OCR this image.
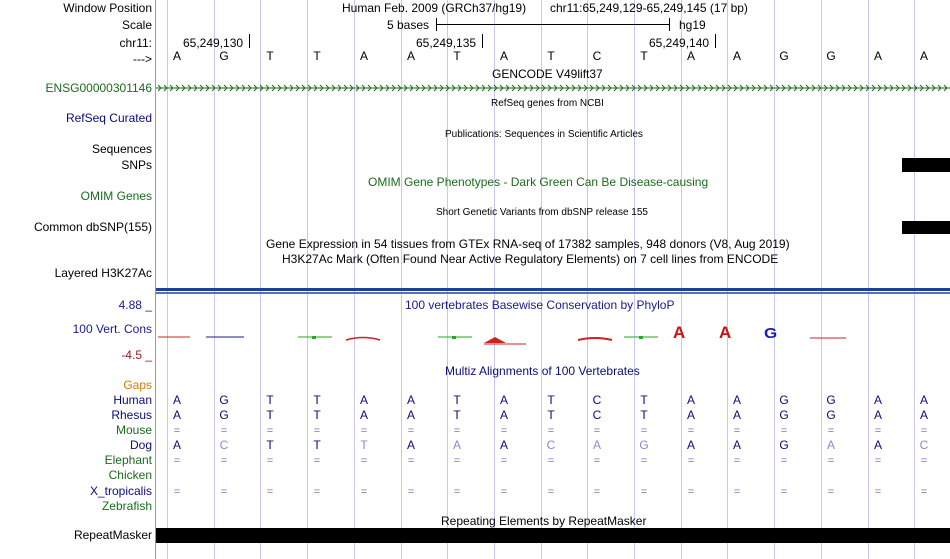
Window Position
Scale
chr11:
--->
Human Feb. 2009 (GRCh37/hg19) chr11:65,249,129-65,249,145 (17 bp)
5 bases	hg19
65,249,130	65,249,135	65,249,140
A	G	T	T	A	A	T	A	T	C	T	A	A	G	G	A	A
GENCODE V49lift37
ENSG00000301146
RefSeq genes from NCBI
RefSeq Curated
Publications: Sequences in Scientific Articles
Sequences
SNPs
OMIM Gene Phenotypes - Dark Green Can Be Disease-causing
OMIM Genes
Short Genetic Variants from dbSNP release 155
Common dbSNP(155)
Gene Expression in 54 tissues from GTEx RNA-seq of 17382 samples, 948 donors (V8, Aug 2019)
H3K27Ac Mark (Often Found Near Active Regulatory Elements) on 7 cell lines from ENCODE
Layered H3K27Ac
100 vertebrates Basewise Conservation by PhyloP
4.88 _
100 Vert. Cons
-4.5 _
A A G
Multiz Alignments of 100 Vertebrates
Gaps
Human	A	G	T	T	A	A	T	A	T	C	T	A	A	G	G	A	A
Rhesus	A	G	T	T	A	A	T	A	T	C	T	A	A	G	G	A	A
Mouse	=	=	=	=	=	=	=	=	=	=	=	=	=	=	=	=	=
Dog	A	C	T	T	T	A	A	A	C	A	G	A	A	G	A	A	C
Elephant	=	=	=	=	=	=	=	=	=	=	=	=	=	=	=	=	=
Chicken
X_tropicalis	=	=	=	=	=	=	=	=	=	=	=	=	=	=	=	=	=
Zebrafish
Repeating Elements by RepeatMasker
RepeatMasker
